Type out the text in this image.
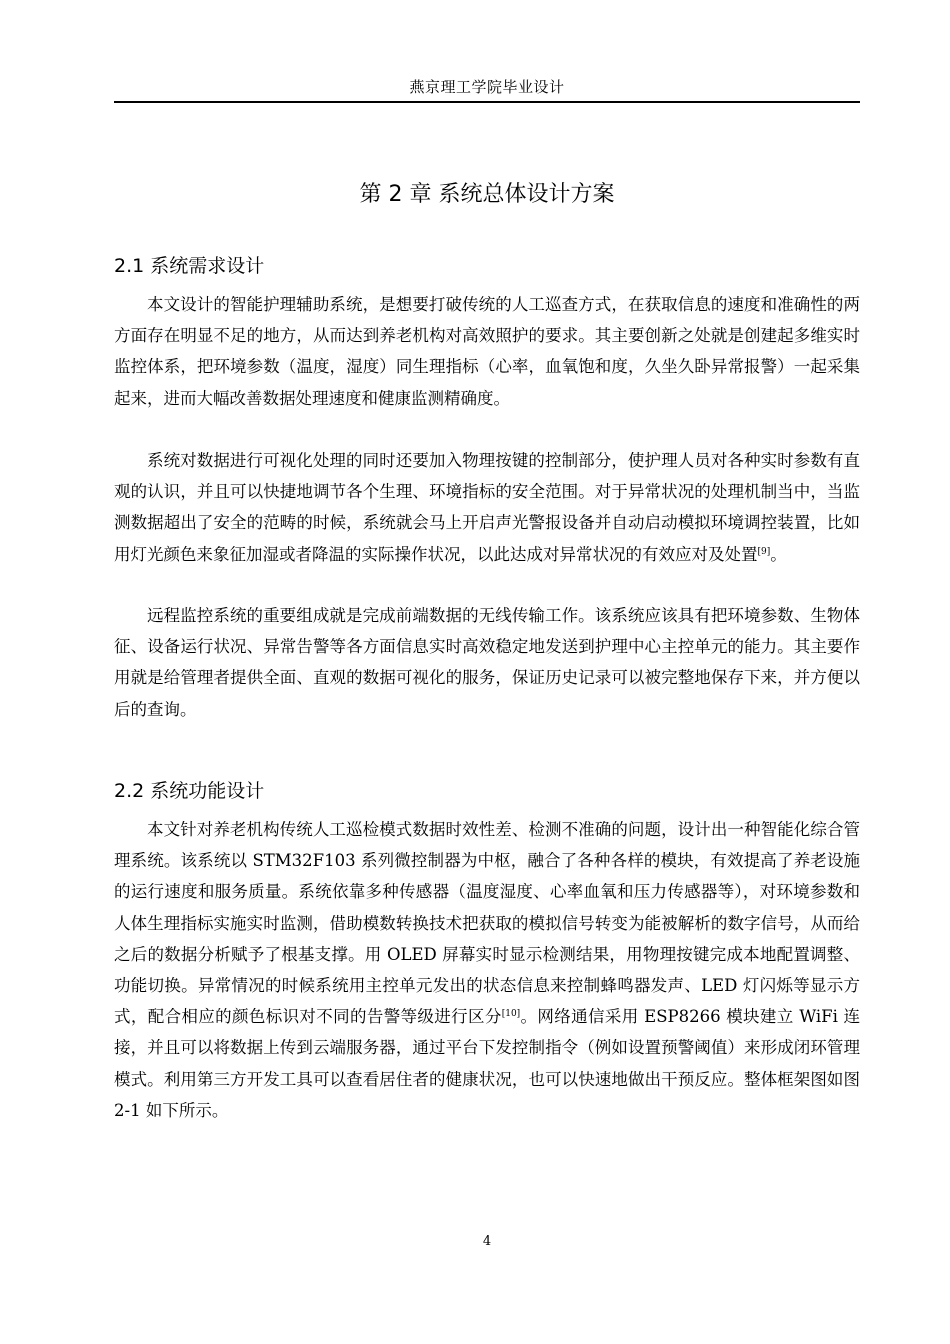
燕京理工学院毕业设计
第 2 章 系统总体设计方案
2.1 系统需求设计

本文设计的智能护理辅助系统，是想要打破传统的人工巡查方式，在获取信息的速度和准确性的两方面存在明显不足的地方，从而达到养老机构对高效照护的要求。其主要创新之处就是创建起多维实时监控体系，把环境参数（温度，湿度）同生理指标（心率，血氧饱和度，久坐久卧异常报警）一起采集起来，进而大幅改善数据处理速度和健康监测精确度。

系统对数据进行可视化处理的同时还要加入物理按键的控制部分，使护理人员对各种实时参数有直观的认识，并且可以快捷地调节各个生理、环境指标的安全范围。对于异常状况的处理机制当中，当监测数据超出了安全的范畴的时候，系统就会马上开启声光警报设备并自动启动模拟环境调控装置，比如用灯光颜色来象征加湿或者降温的实际操作状况，以此达成对异常状况的有效应对及处置[9]。

远程监控系统的重要组成就是完成前端数据的无线传输工作。该系统应该具有把环境参数、生物体征、设备运行状况、异常告警等各方面信息实时高效稳定地发送到护理中心主控单元的能力。其主要作用就是给管理者提供全面、直观的数据可视化的服务，保证历史记录可以被完整地保存下来，并方便以后的查询。

2.2 系统功能设计

本文针对养老机构传统人工巡检模式数据时效性差、检测不准确的问题，设计出一种智能化综合管理系统。该系统以 STM32F103 系列微控制器为中枢，融合了各种各样的模块，有效提高了养老设施的运行速度和服务质量。系统依靠多种传感器（温度湿度、心率血氧和压力传感器等），对环境参数和人体生理指标实施实时监测，借助模数转换技术把获取的模拟信号转变为能被解析的数字信号，从而给之后的数据分析赋予了根基支撑。用 OLED 屏幕实时显示检测结果，用物理按键完成本地配置调整、功能切换。异常情况的时候系统用主控单元发出的状态信息来控制蜂鸣器发声、LED 灯闪烁等显示方式，配合相应的颜色标识对不同的告警等级进行区分[10]。网络通信采用 ESP8266 模块建立 WiFi 连接，并且可以将数据上传到云端服务器，通过平台下发控制指令（例如设置预警阈值）来形成闭环管理模式。利用第三方开发工具可以查看居住者的健康状况，也可以快速地做出干预反应。整体框架图如图 2-1 如下所示。

4
